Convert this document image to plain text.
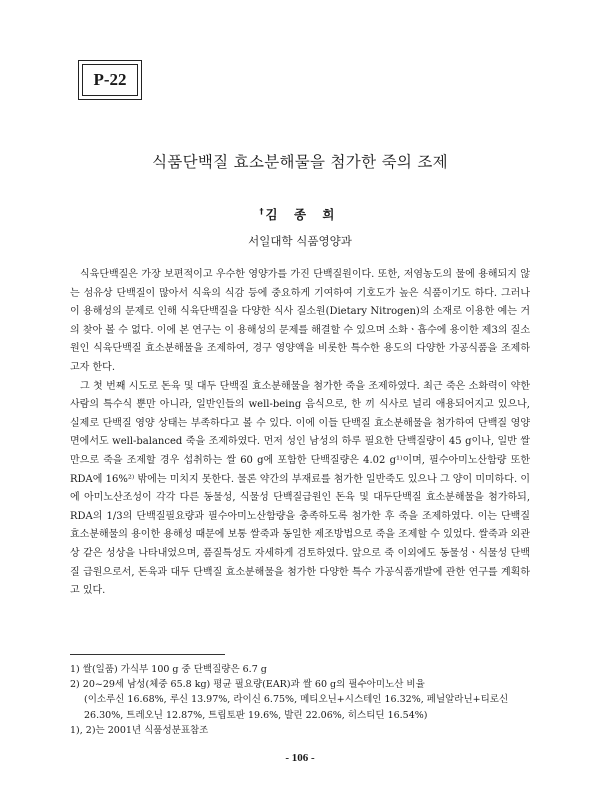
P-22
식품단백질 효소분해물을 첨가한 죽의 조제
† 김 종 희
서일대학 식품영양과

식육단백질은 가장 보편적이고 우수한 영양가를 가진 단백질원이다. 또한, 저염농도의 물에 용해되지 않는 섬유상 단백질이 많아서 식육의 식감 등에 중요하게 기여하여 기호도가 높은 식품이기도 하다. 그러나 이 용해성의 문제로 인해 식육단백질을 다양한 식사 질소원(Dietary Nitrogen)의 소재로 이용한 예는 거의 찾아 볼 수 없다. 이에 본 연구는 이 용해성의 문제를 해결할 수 있으며 소화ㆍ흡수에 용이한 제3의 질소원인 식육단백질 효소분해물을 조제하여, 경구 영양액을 비롯한 특수한 용도의 다양한 가공식품을 조제하고자 한다.

그 첫 번째 시도로 돈육 및 대두 단백질 효소분해물을 첨가한 죽을 조제하였다. 최근 죽은 소화력이 약한 사람의 특수식 뿐만 아니라, 일반인들의 well-being 음식으로, 한 끼 식사로 널리 애용되어지고 있으나, 실제로 단백질 영양 상태는 부족하다고 볼 수 있다. 이에 이들 단백질 효소분해물을 첨가하여 단백질 영양 면에서도 well-balanced 죽을 조제하였다. 먼저 성인 남성의 하루 필요한 단백질량이 45 g이나, 일반 쌀만으로 죽을 조제할 경우 섭취하는 쌀 60 g에 포함한 단백질량은 4.02 g¹⁾이며, 필수아미노산함량 또한 RDA에 16%²⁾ 밖에는 미치지 못한다. 물론 약간의 부재료를 첨가한 일반죽도 있으나 그 양이 미미하다. 이에 아미노산조성이 각각 다른 동물성, 식물성 단백질급원인 돈육 및 대두단백질 효소분해물을 첨가하되, RDA의 1/3의 단백질필요량과 필수아미노산함량을 충족하도록 첨가한 후 죽을 조제하였다. 이는 단백질 효소분해물의 용이한 용해성 때문에 보통 쌀죽과 동일한 제조방법으로 죽을 조제할 수 있었다. 쌀죽과 외관상 같은 성상을 나타내었으며, 품질특성도 자세하게 검토하였다. 앞으로 죽 이외에도 동물성ㆍ식물성 단백질 급원으로서, 돈육과 대두 단백질 효소분해물을 첨가한 다양한 특수 가공식품개발에 관한 연구를 계획하고 있다.

1) 쌀(일품) 가식부 100 g 중 단백질량은 6.7 g

2) 20~29세 남성(체중 65.8 kg) 평균 필요량(EAR)과 쌀 60 g의 필수아미노산 비율

(이소루신 16.68%, 루신 13.97%, 라이신 6.75%, 메티오닌+시스테인 16.32%, 페닐알라닌+티로신

26.30%, 트레오닌 12.87%, 트립토판 19.6%, 발린 22.06%, 히스티딘 16.54%)

1), 2)는 2001년 식품성분표참조

- 106 -
